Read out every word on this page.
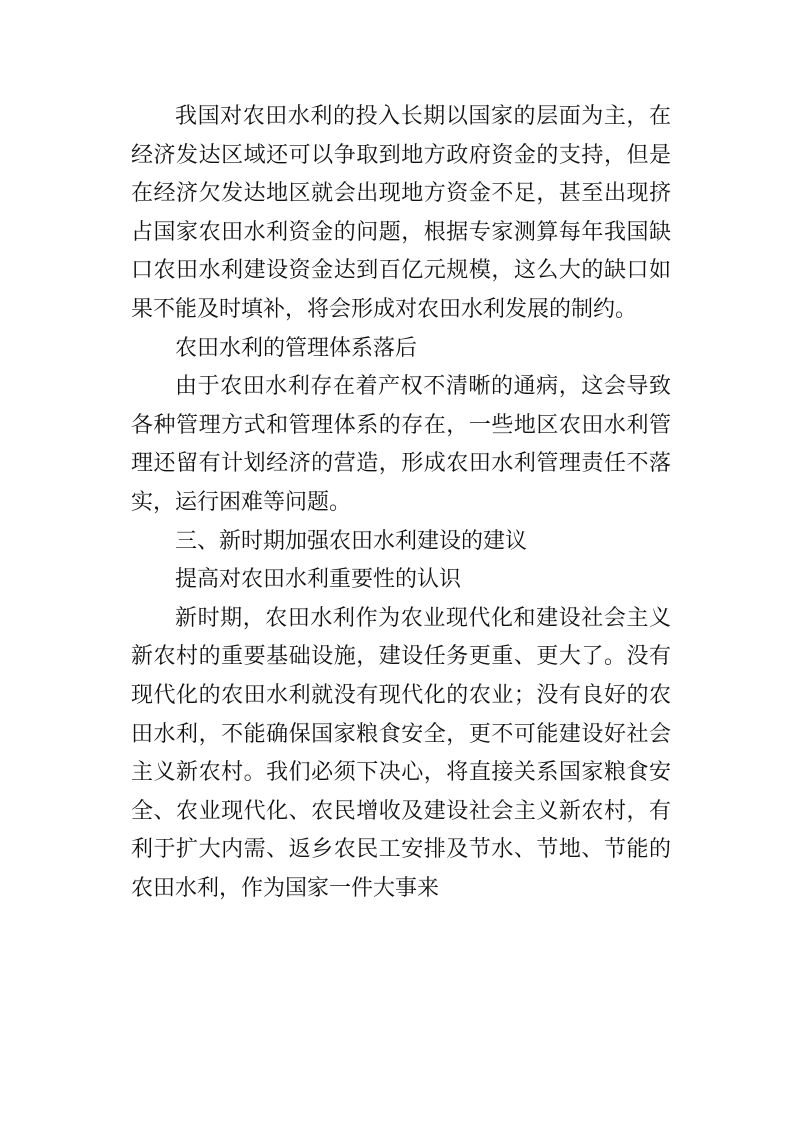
我国对农田水利的投入长期以国家的层面为主，在经济发达区域还可以争取到地方政府资金的支持，但是在经济欠发达地区就会出现地方资金不足，甚至出现挤占国家农田水利资金的问题，根据专家测算每年我国缺口农田水利建设资金达到百亿元规模，这么大的缺口如果不能及时填补，将会形成对农田水利发展的制约。

农田水利的管理体系落后

由于农田水利存在着产权不清晰的通病，这会导致各种管理方式和管理体系的存在，一些地区农田水利管理还留有计划经济的营造，形成农田水利管理责任不落实，运行困难等问题。

三、新时期加强农田水利建设的建议

提高对农田水利重要性的认识

新时期，农田水利作为农业现代化和建设社会主义新农村的重要基础设施，建设任务更重、更大了。没有现代化的农田水利就没有现代化的农业；没有良好的农田水利，不能确保国家粮食安全，更不可能建设好社会主义新农村。我们必须下决心，将直接关系国家粮食安全、农业现代化、农民增收及建设社会主义新农村，有利于扩大内需、返乡农民工安排及节水、节地、节能的农田水利，作为国家一件大事来
